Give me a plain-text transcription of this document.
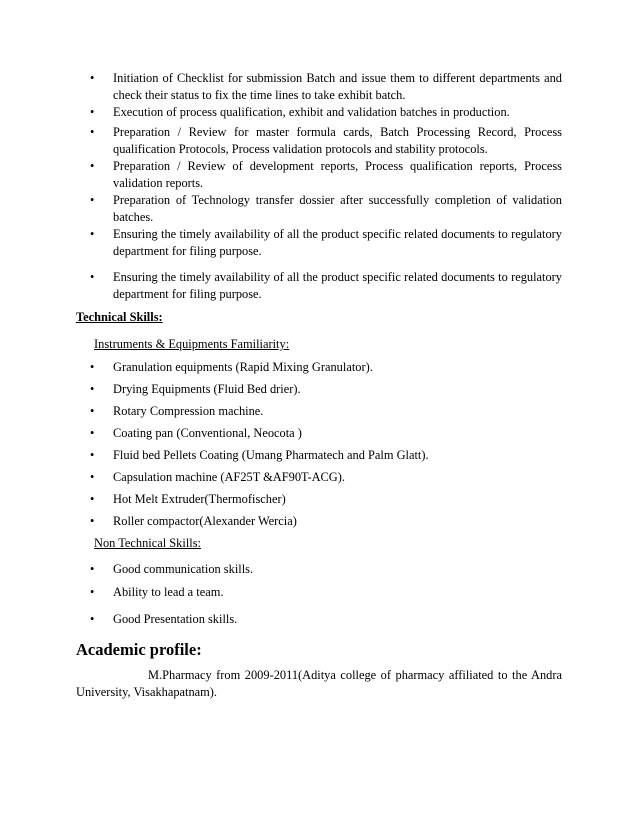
• Initiation of Checklist for submission Batch and issue them to different departments and check their status to fix the time lines to take exhibit batch.
• Execution of process qualification, exhibit and validation batches in production.
• Preparation / Review for master formula cards, Batch Processing Record, Process qualification Protocols, Process validation protocols and stability protocols.
• Preparation / Review of development reports, Process qualification reports, Process validation reports.
• Preparation of Technology transfer dossier after successfully completion of validation batches.
• Ensuring the timely availability of all the product specific related documents to regulatory department for filing purpose.
• Ensuring the timely availability of all the product specific related documents to regulatory department for filing purpose.
Technical Skills:
Instruments & Equipments Familiarity:
• Granulation equipments (Rapid Mixing Granulator).
• Drying Equipments (Fluid Bed drier).
• Rotary Compression machine.
• Coating pan (Conventional, Neocota )
• Fluid bed Pellets Coating (Umang Pharmatech and Palm Glatt).
• Capsulation machine (AF25T &AF90T-ACG).
• Hot Melt Extruder(Thermofischer)
• Roller compactor(Alexander Wercia)
Non Technical Skills:
• Good communication skills.
• Ability to lead a team.
• Good Presentation skills.
Academic profile:

M.Pharmacy from 2009-2011(Aditya college of pharmacy affiliated to the Andra University, Visakhapatnam).
